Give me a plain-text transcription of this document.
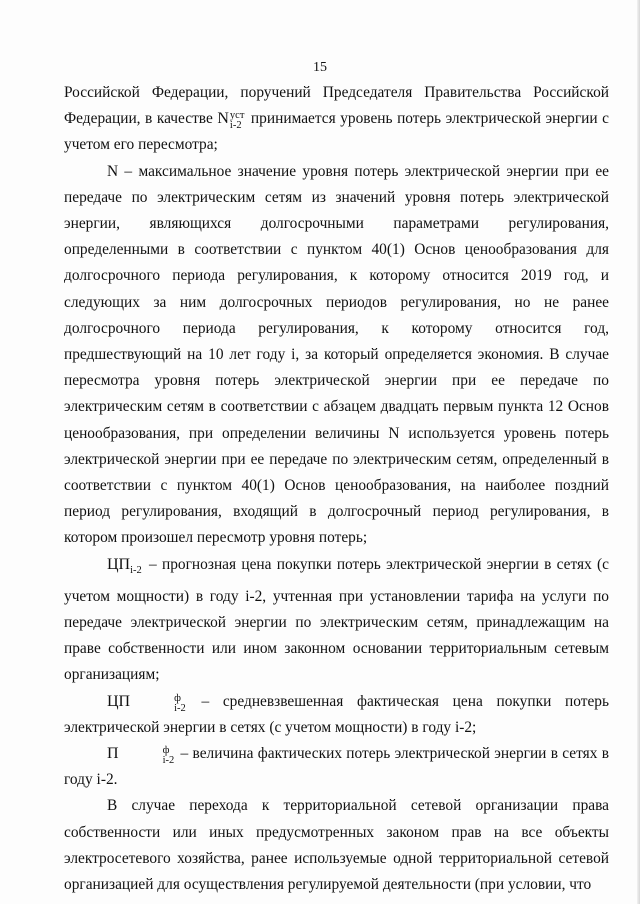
15

Российской Федерации, поручений Председателя Правительства Российской Федерации, в качестве N уст
i-2 принимается уровень потерь электрической энергии с учетом его пересмотра;

N – максимальное значение уровня потерь электрической энергии при ее передаче по электрическим сетям из значений уровня потерь электрической энергии, являющихся долгосрочными параметрами регулирования, определенными в соответствии с пунктом 40(1) Основ ценообразования для долгосрочного периода регулирования, к которому относится 2019 год, и следующих за ним долгосрочных периодов регулирования, но не ранее долгосрочного периода регулирования, к которому относится год, предшествующий на 10 лет году i, за который определяется экономия. В случае пересмотра уровня потерь электрической энергии при ее передаче по электрическим сетям в соответствии с абзацем двадцать первым пункта 12 Основ ценообразования, при определении величины N используется уровень потерь электрической энергии при ее передаче по электрическим сетям, определенный в соответствии с пунктом 40(1) Основ ценообразования, на наиболее поздний период регулирования, входящий в долгосрочный период регулирования, в котором произошел пересмотр уровня потерь;

$ЦП_{i-2}$ – прогнозная цена покупки потерь электрической энергии в сетях (с учетом мощности) в году i-2, учтенная при установлении тарифа на услуги по передаче электрической энергии по электрическим сетям, принадлежащим на праве собственности или ином законном основании территориальным сетевым организациям;

ЦП	ф
i-2 – средневзвешенная фактическая цена покупки потерь электрической энергии в сетях (с учетом мощности) в году i-2;

П	ф
i-2 – величина фактических потерь электрической энергии в сетях в году i-2.

В случае перехода к территориальной сетевой организации права собственности или иных предусмотренных законом прав на все объекты электросетевого хозяйства, ранее используемые одной территориальной сетевой организацией для осуществления регулируемой деятельности (при условии, что
